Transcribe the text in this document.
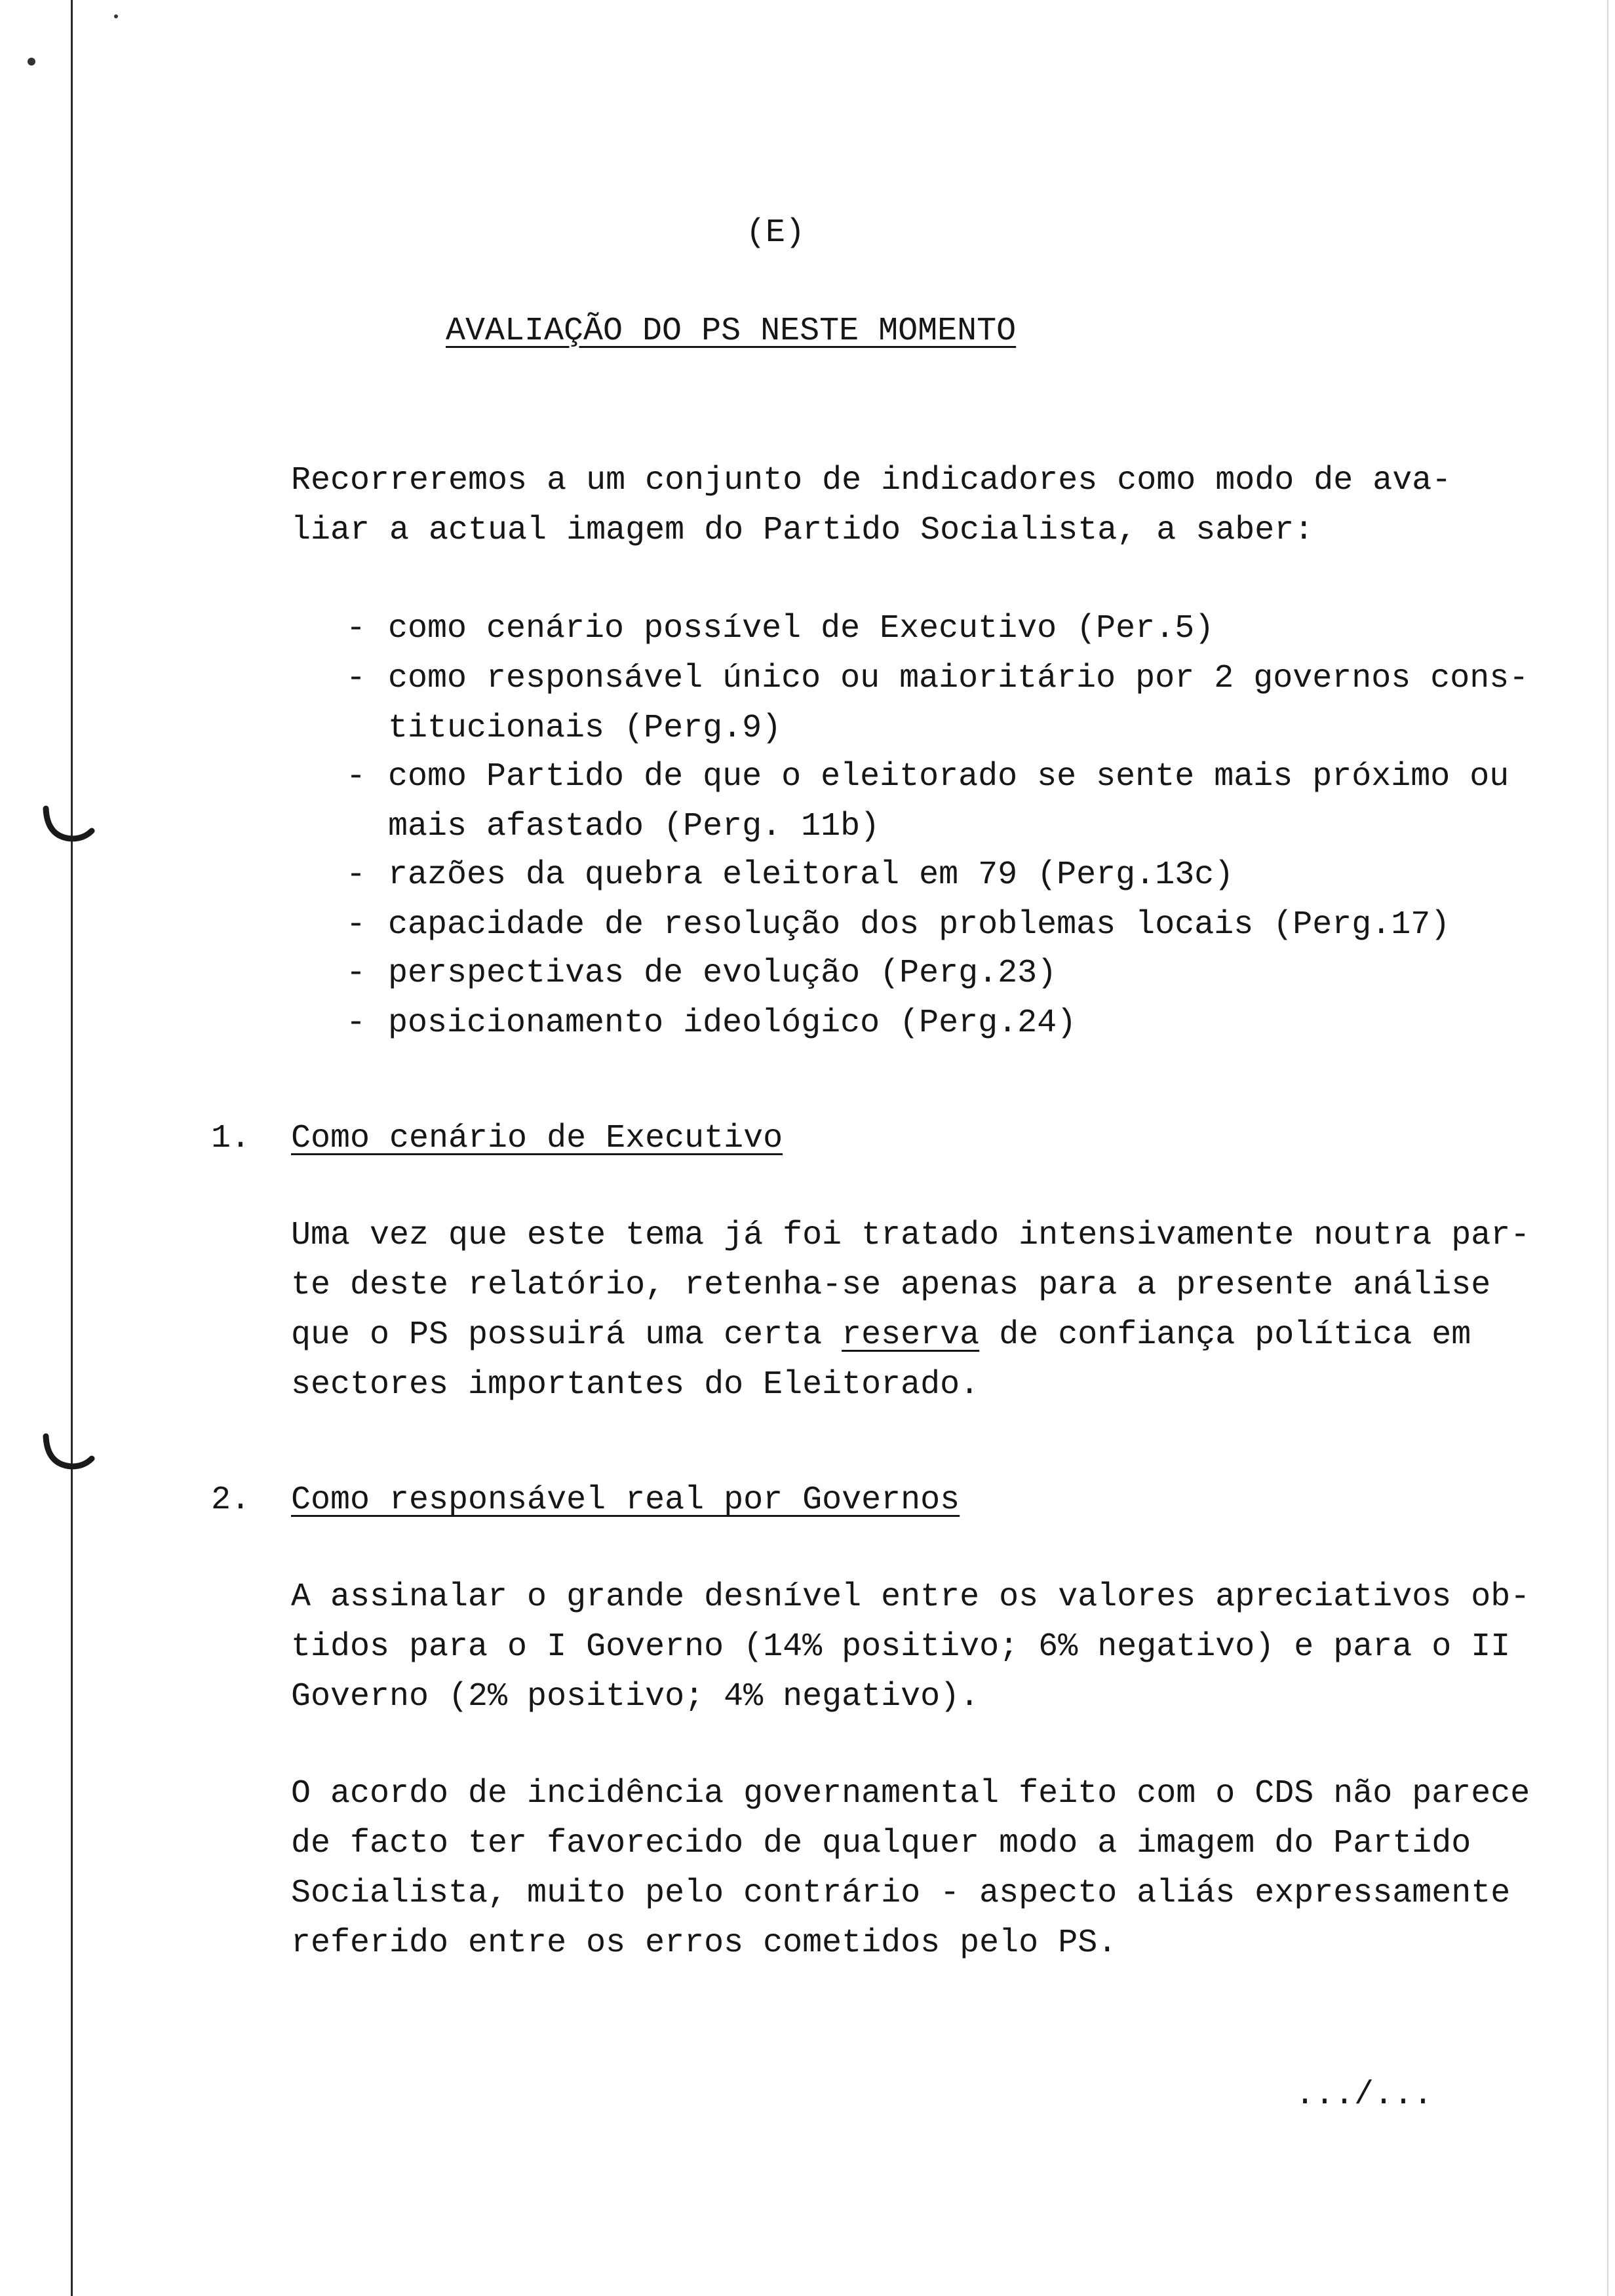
(E)
AVALIAÇÃO DO PS NESTE MOMENTO
Recorreremos a um conjunto de indicadores como modo de ava-
liar a actual imagem do Partido Socialista, a saber:
- como cenário possível de Executivo (Per.5)
- como responsável único ou maioritário por 2 governos cons-
titucionais (Perg.9)
- como Partido de que o eleitorado se sente mais próximo ou
mais afastado (Perg. 11b)
- razões da quebra eleitoral em 79 (Perg.13c)
- capacidade de resolução dos problemas locais (Perg.17)
- perspectivas de evolução (Perg.23)
- posicionamento ideológico (Perg.24)
1. Como cenário de Executivo
Uma vez que este tema já foi tratado intensivamente noutra par-
te deste relatório, retenha-se apenas para a presente análise
que o PS possuirá uma certa reserva de confiança política em
sectores importantes do Eleitorado.
2. Como responsável real por Governos
A assinalar o grande desnível entre os valores apreciativos ob-
tidos para o I Governo (14% positivo; 6% negativo) e para o II
Governo (2% positivo; 4% negativo).
O acordo de incidência governamental feito com o CDS não parece
de facto ter favorecido de qualquer modo a imagem do Partido
Socialista, muito pelo contrário - aspecto aliás expressamente
referido entre os erros cometidos pelo PS.
.../...
